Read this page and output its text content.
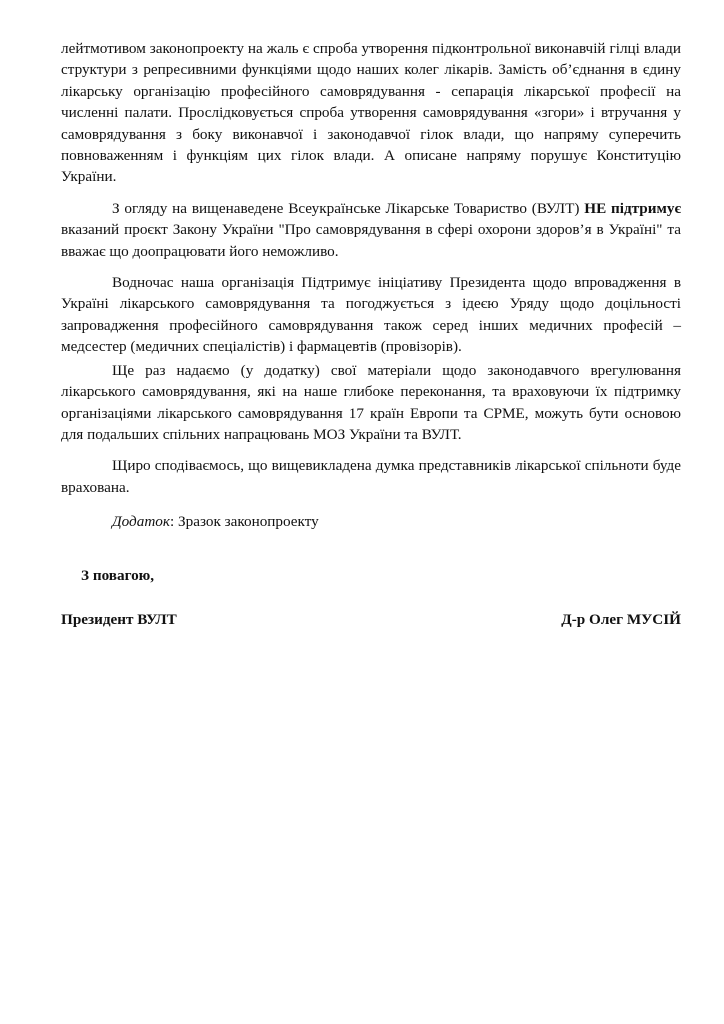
лейтмотивом законопроекту на жаль є спроба утворення підконтрольної виконавчій гілці влади структури з репресивними функціями щодо наших колег лікарів. Замість об’єднання в єдину лікарську організацію професійного самоврядування - сепарація лікарської професії на численні палати. Прослідковується спроба утворення самоврядування «згори» і втручання у самоврядування з боку виконавчої і законодавчої гілок влади, що напряму суперечить повноваженням і функціям цих гілок влади. А описане напряму порушує Конституцію України.

З огляду на вищенаведене Всеукраїнське Лікарське Товариство (ВУЛТ) НЕ підтримує вказаний проєкт Закону України "Про самоврядування в сфері охорони здоров’я в Україні" та вважає що доопрацювати його неможливо.

Водночас наша організація Підтримує ініціативу Президента щодо впровадження в Україні лікарського самоврядування та погоджується з ідеєю Уряду щодо доцільності запровадження професійного самоврядування також серед інших медичних професій – медсестер (медичних спеціалістів) і фармацевтів (провізорів).

Ще раз надаємо (у додатку) свої матеріали щодо законодавчого врегулювання лікарського самоврядування, які на наше глибоке переконання, та враховуючи їх підтримку організаціями лікарського самоврядування 17 країн Европи та CPME, можуть бути основою для подальших спільних напрацювань МОЗ України та ВУЛТ.

Щиро сподіваємось, що вищевикладена думка представників лікарської спільноти буде врахована.

Додаток: Зразок законопроекту

З повагою,
Президент ВУЛТ	Д-р Олег МУСІЙ
